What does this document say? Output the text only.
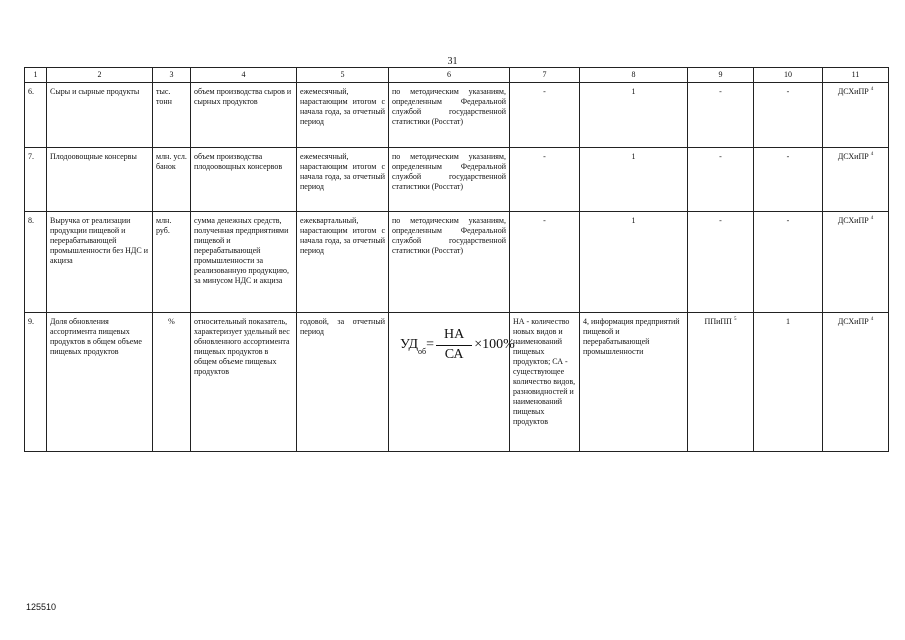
31
1	2	3	4	5	6	7	8	9	10	11
6.	Сыры и сырные продукты	тыс. тонн	объем производства сыров и сырных продуктов	ежемесячный, нарастающим итогом с начала года, за отчетный период	по методическим указаниям, определенным Федеральной службой государственной статистики (Росстат)	-	1	-	-	ДСХиПР $^4$
7.	Плодоовощные консервы	млн. усл. банок	объем производства плодоовощных консервов	ежемесячный, нарастающим итогом с начала года, за отчетный период	по методическим указаниям, определенным Федеральной службой государственной статистики (Росстат)	-	1	-	-	ДСХиПР $^4$
8.	Выручка от реализации продукции пищевой и перерабатывающей промышленности без НДС и акциза	млн. руб.	сумма денежных средств, полученная предприятиями пищевой и перерабатывающей промышленности за реализованную продукцию, за минусом НДС и акциза	ежеквартальный, нарастающим итогом с начала года, за отчетный период	по методическим указаниям, определенным Федеральной службой государственной статистики (Росстат)	-	1	-	-	ДСХиПР $^4$
9.	Доля обновления ассортимента пищевых продуктов в общем объеме пищевых продуктов	%	относительный показатель, характеризует удельный вес обновленного ассортимента пищевых продуктов в общем объеме пищевых продуктов	годовой, за отчетный период	$УД_{об} = \frac{НА}{СА} \times 100\%$	НА - количество новых видов и наименований пищевых продуктов; СА - существующее количество видов, разновидностей и наименований пищевых продуктов	4, информация предприятий пищевой и перерабатывающей промышленности	ППиПП $^5$	1	ДСХиПР $^4$
125510
